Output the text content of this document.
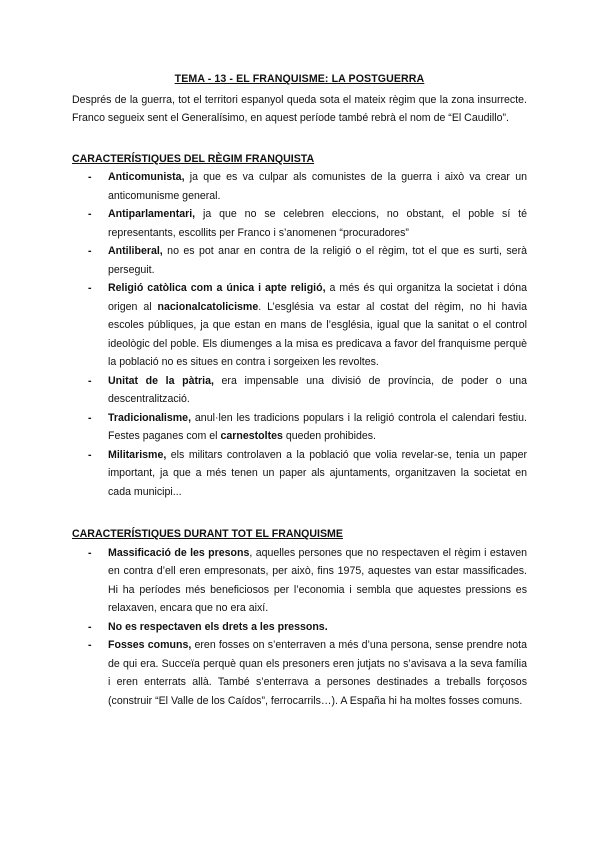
TEMA - 13 - EL FRANQUISME: LA POSTGUERRA

Després de la guerra, tot el territori espanyol queda sota el mateix règim que la zona insurrecte. Franco segueix sent el Generalísimo, en aquest període també rebrà el nom de “El Caudillo”.

CARACTERÍSTIQUES DEL RÈGIM FRANQUISTA

- Anticomunista, ja que es va culpar als comunistes de la guerra i això va crear un anticomunisme general.
- Antiparlamentari, ja que no se celebren eleccions, no obstant, el poble sí té representants, escollits per Franco i s’anomenen “procuradores”
- Antiliberal, no es pot anar en contra de la religió o el règim, tot el que es surti, serà perseguit.
- Religió catòlica com a única i apte religió, a més és qui organitza la societat i dóna origen al nacionalcatolicisme. L’església va estar al costat del règim, no hi havia escoles públiques, ja que estan en mans de l’església, igual que la sanitat o el control ideològic del poble. Els diumenges a la misa es predicava a favor del franquisme perquè la població no es situes en contra i sorgeixen les revoltes.
- Unitat de la pàtria, era impensable una divisió de província, de poder o una descentralització.
- Tradicionalisme, anul·len les tradicions populars i la religió controla el calendari festiu. Festes paganes com el carnestoltes queden prohibides.
- Militarisme, els militars controlaven a la població que volia revelar-se, tenia un paper important, ja que a més tenen un paper als ajuntaments, organitzaven la societat en cada municipi...

CARACTERÍSTIQUES DURANT TOT EL FRANQUISME

- Massificació de les presons, aquelles persones que no respectaven el règim i estaven en contra d’ell eren empresonats, per això, fins 1975, aquestes van estar massificades. Hi ha períodes més beneficiosos per l’economia i sembla que aquestes pressions es relaxaven, encara que no era així.
- No es respectaven els drets a les pressons.
- Fosses comuns, eren fosses on s’enterraven a més d’una persona, sense prendre nota de qui era. Succeïa perquè quan els presoners eren jutjats no s’avisava a la seva família i eren enterrats allà. També s’enterrava a persones destinades a treballs forçosos (construir “El Valle de los Caídos”, ferrocarrils…). A España hi ha moltes fosses comuns.
